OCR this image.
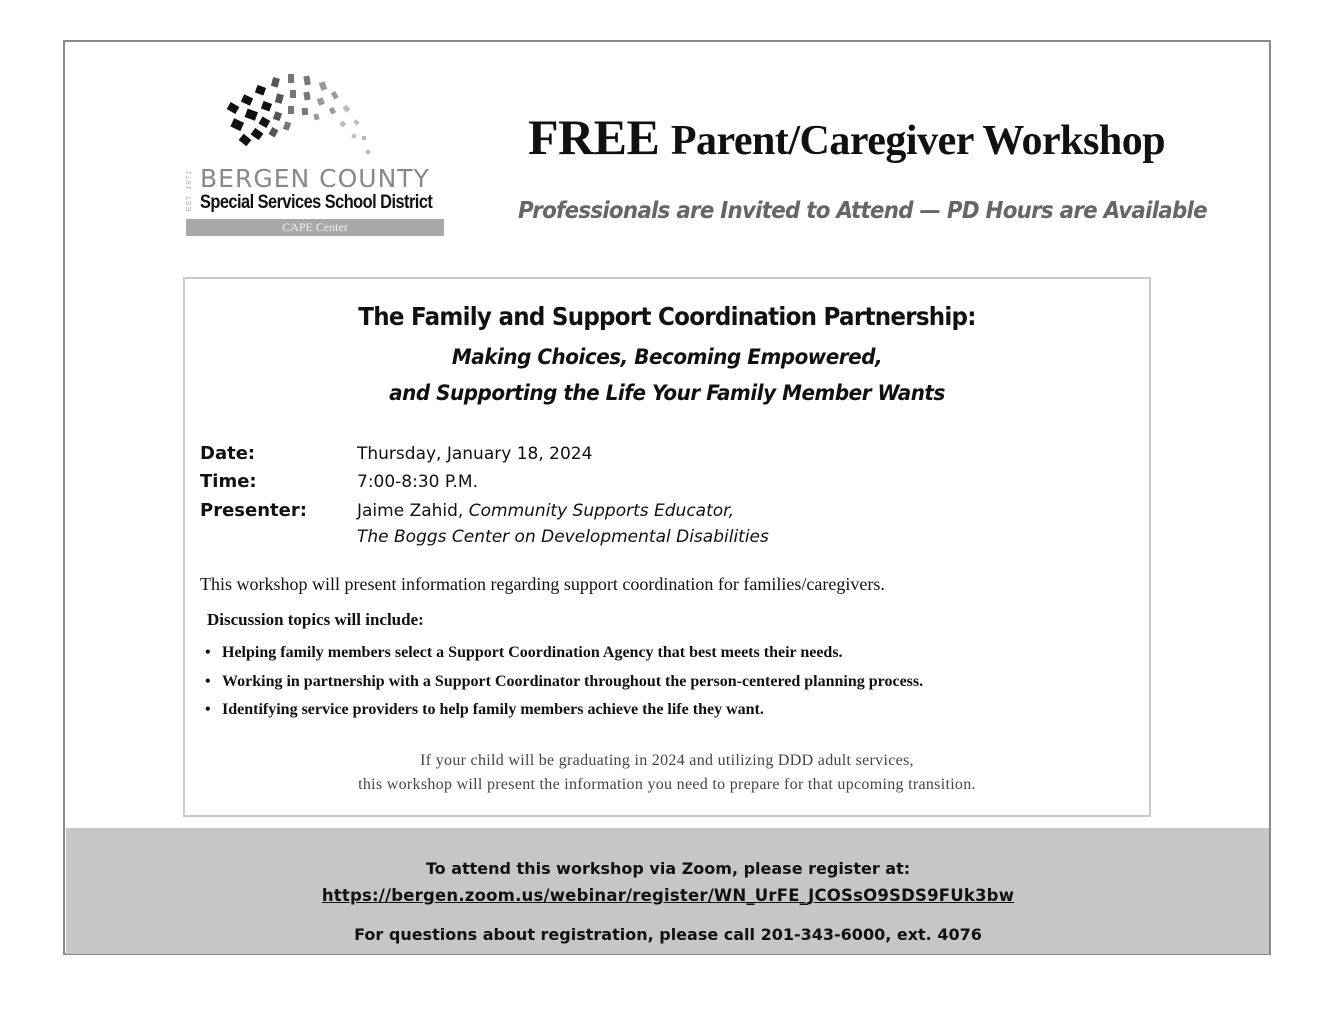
EST. 1971 BERGEN COUNTY
Special Services School District
CAPE Center
FREE Parent/Caregiver Workshop
Professionals are Invited to Attend — PD Hours are Available
The Family and Support Coordination Partnership:
Making Choices, Becoming Empowered,
and Supporting the Life Your Family Member Wants
Date:	Thursday, January 18, 2024
Time:	7:00-8:30 P.M.
Presenter:	Jaime Zahid, Community Supports Educator,
The Boggs Center on Developmental Disabilities
This workshop will present information regarding support coordination for families/caregivers.
Discussion topics will include:
• Helping family members select a Support Coordination Agency that best meets their needs.
• Working in partnership with a Support Coordinator throughout the person-centered planning process.
• Identifying service providers to help family members achieve the life they want.
If your child will be graduating in 2024 and utilizing DDD adult services,
this workshop will present the information you need to prepare for that upcoming transition.
To attend this workshop via Zoom, please register at:
https://bergen.zoom.us/webinar/register/WN_UrFE_JCOSsO9SDS9FUk3bw
For questions about registration, please call 201-343-6000, ext. 4076
